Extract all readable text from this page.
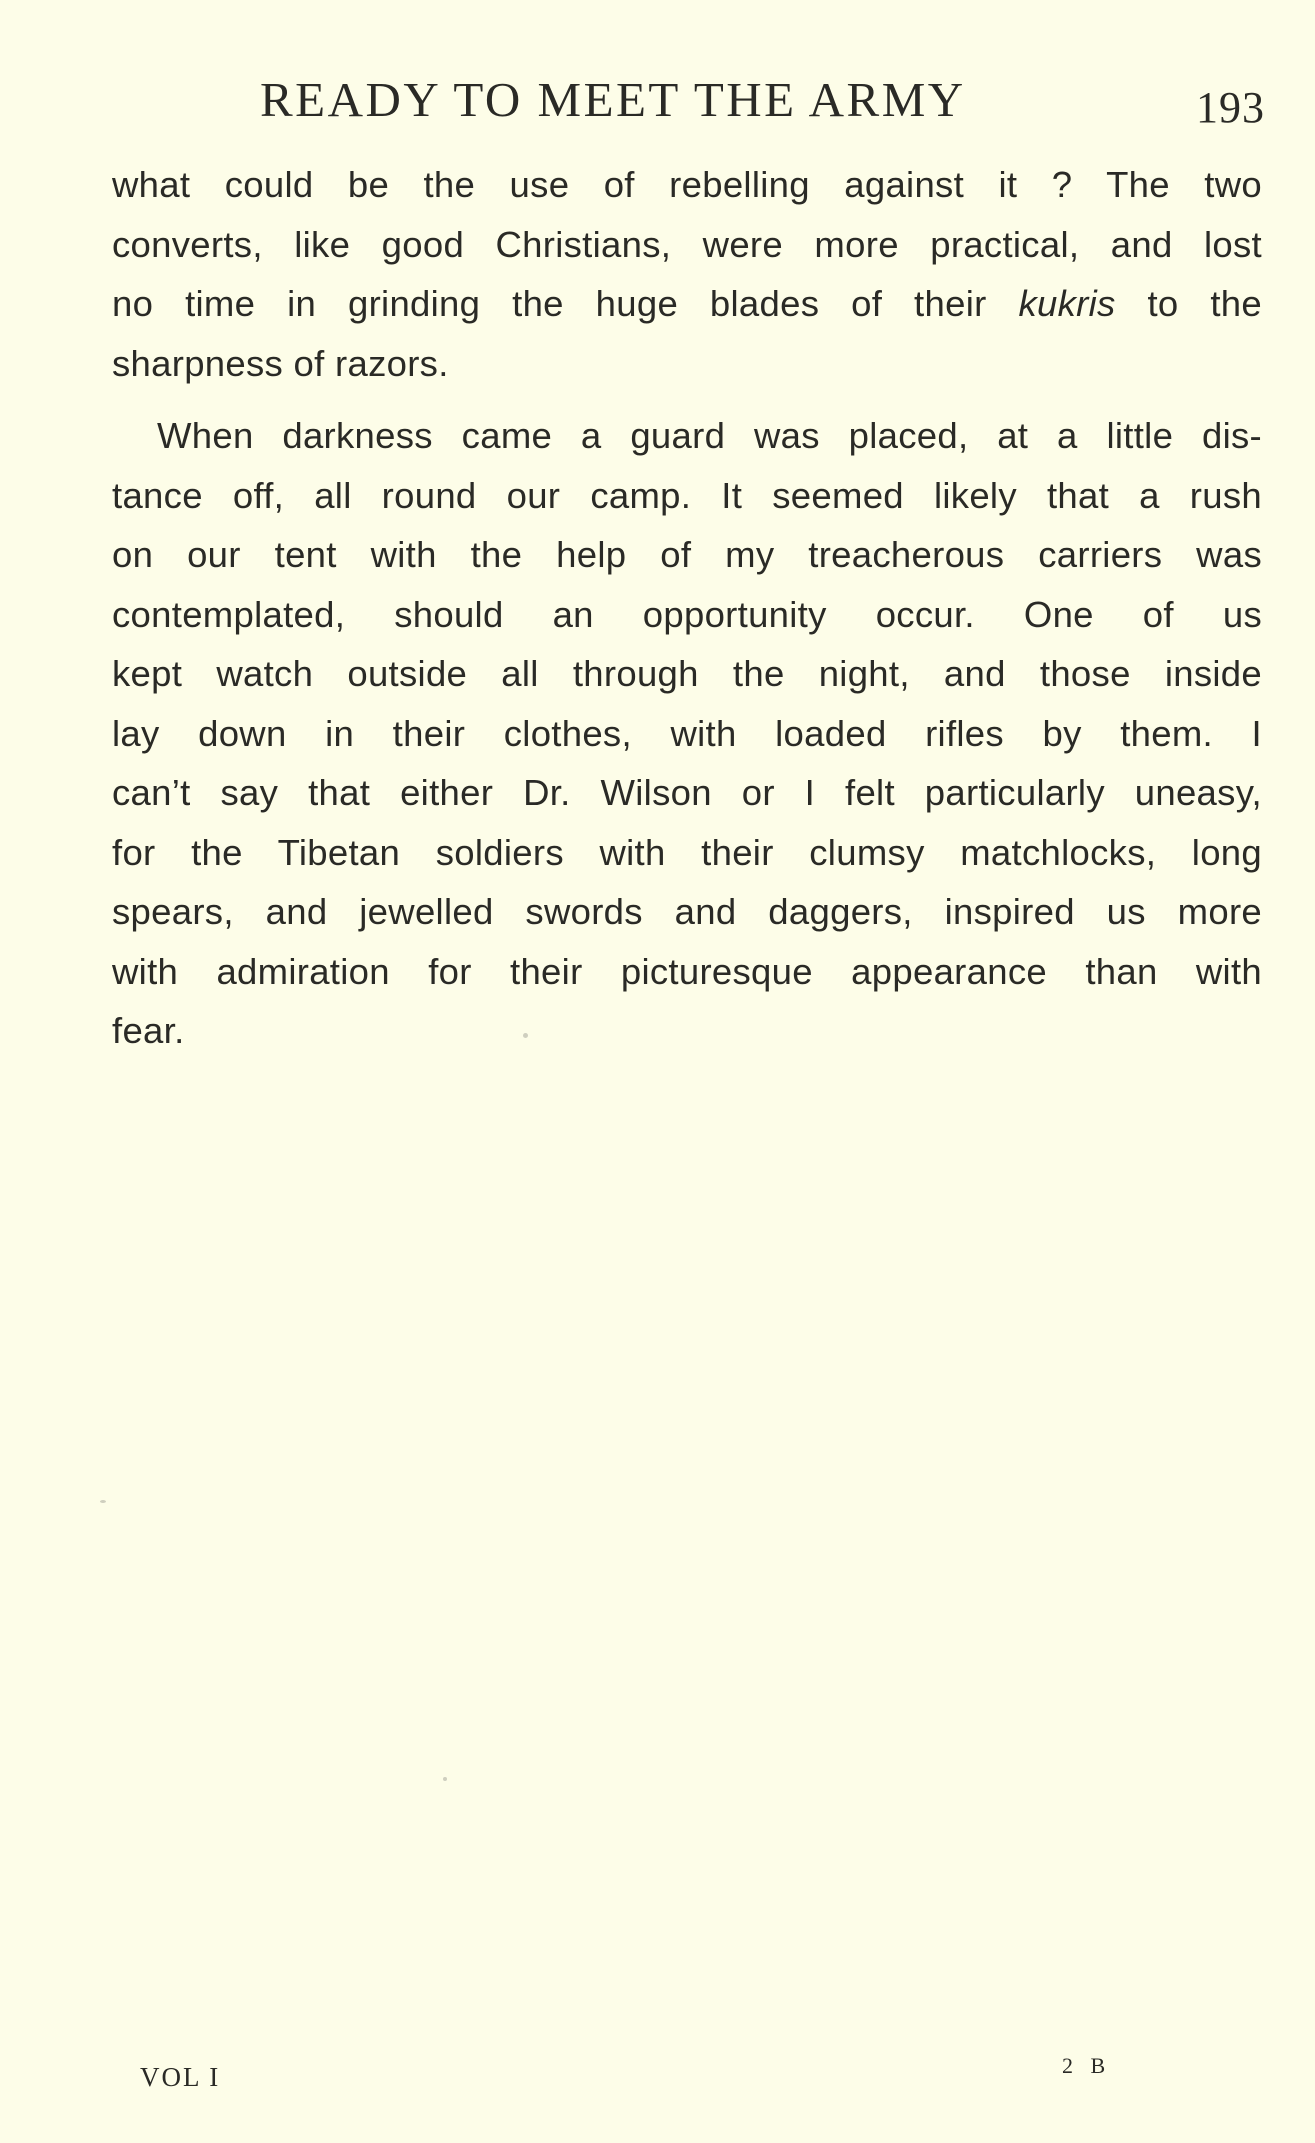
READY TO MEET THE ARMY	193
what could be the use of rebelling against it ? The two
converts, like good Christians, were more practical, and lost
no time in grinding the huge blades of their kukris to the
sharpness of razors.
When darkness came a guard was placed, at a little dis-
tance off, all round our camp. It seemed likely that a rush
on our tent with the help of my treacherous carriers was
contemplated, should an opportunity occur. One of us
kept watch outside all through the night, and those inside
lay down in their clothes, with loaded rifles by them. I
can’t say that either Dr. Wilson or I felt particularly uneasy,
for the Tibetan soldiers with their clumsy matchlocks, long
spears, and jewelled swords and daggers, inspired us more
with admiration for their picturesque appearance than with
fear.
VOL I	2 B
